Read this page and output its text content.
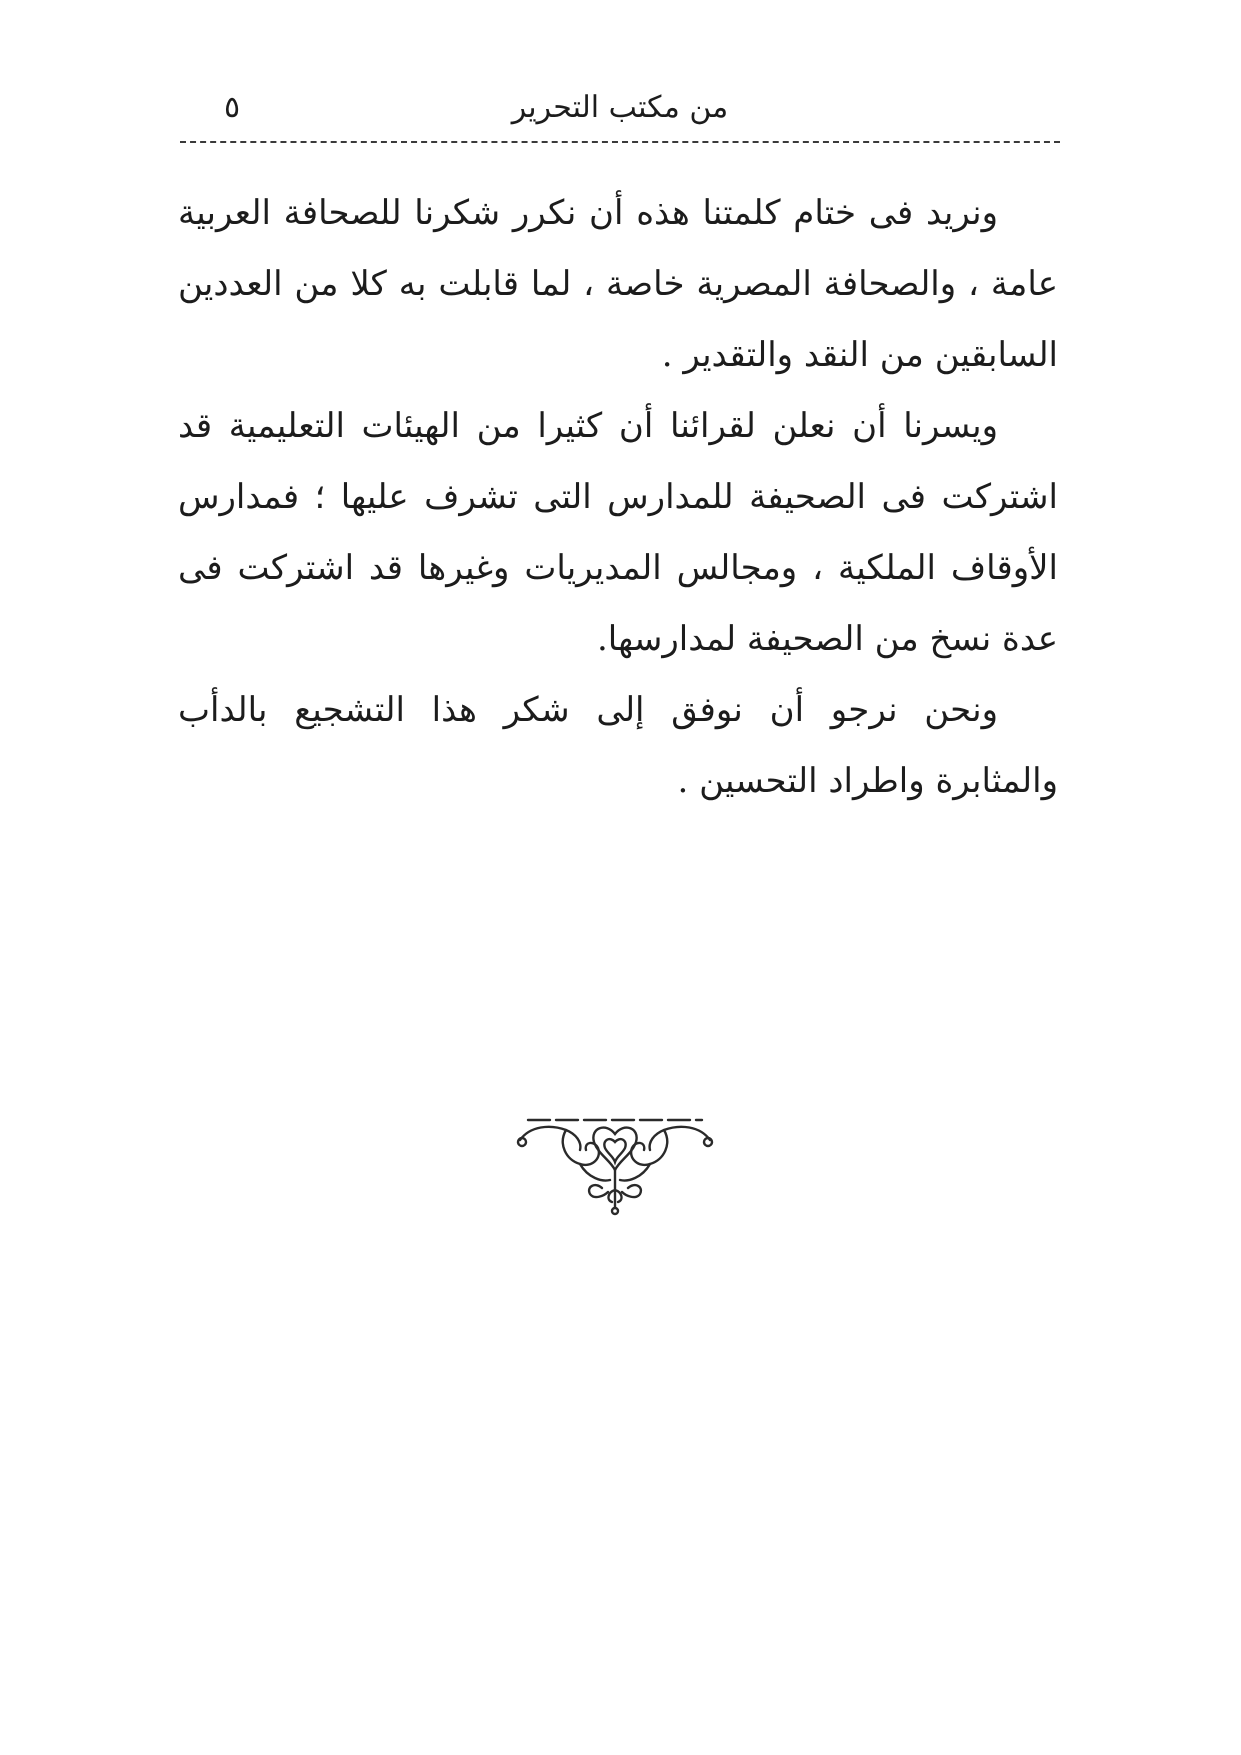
من مكتب التحرير
٥

ونريد فى ختام كلمتنا هذه أن نكرر شكرنا للصحافة العربية عامة ، والصحافة المصرية خاصة ، لما قابلت به كلا من العددين السابقين من النقد والتقدير .

ويسرنا أن نعلن لقرائنا أن كثيرا من الهيئات التعليمية قد اشتركت فى الصحيفة للمدارس التى تشرف عليها ؛ فمدارس الأوقاف الملكية ، ومجالس المديريات وغيرها قد اشتركت فى عدة نسخ من الصحيفة لمدارسها.

ونحن نرجو أن نوفق إلى شكر هذا التشجيع بالدأب والمثابرة واطراد التحسين .
